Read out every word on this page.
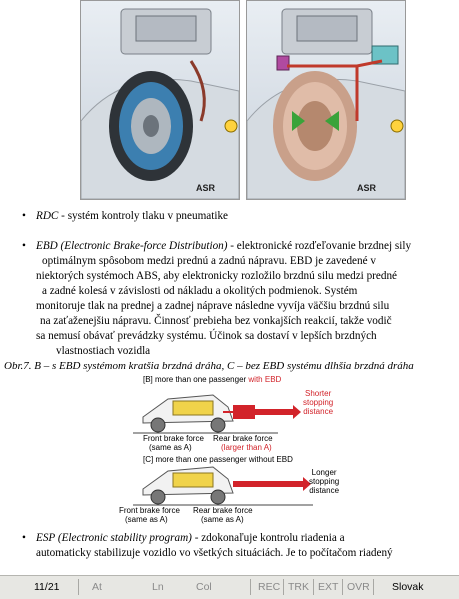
ASR	ASR
• RDC - systém kontroly tlaku v pneumatike
• EBD (Electronic Brake-force Distribution) - elektronické rozďeľovanie brzdnej sily
optimálnym spôsobom medzi prednú a zadnú nápravu. EBD je zavedené v
niektorých systémoch ABS, aby elektronicky rozložilo brzdnú silu medzi predné
a zadné kolesá v závislosti od nákladu a okolitých podmienok. Systém
monitoruje tlak na prednej a zadnej náprave následne vyvíja väčšiu brzdnú silu
na zaťaženejšiu nápravu. Činnosť prebieha bez vonkajších reakcií, takže vodič
sa nemusí obávať prevádzky systému. Účinok sa dostaví v lepších brzdných
vlastnostiach vozidla
Obr.7. B – s EBD systémom kratšia brzdná dráha, C – bez EBD systému dlhšia brzdná dráha
[B] more than one passenger with EBD
Shorter
stopping
distance
Front brake force
(same as A)
Rear brake force
(larger than A)
[C] more than one passenger without EBD
Longer
stopping
distance
Front brake force
(same as A)
Rear brake force
(same as A)
• ESP (Electronic stability program) - zdokonaľuje kontrolu riadenia a
automaticky stabilizuje vozidlo vo všetkých situáciách. Je to počítačom riadený
11/21	At	Ln	Col	REC TRK EXT OVR Slovak
